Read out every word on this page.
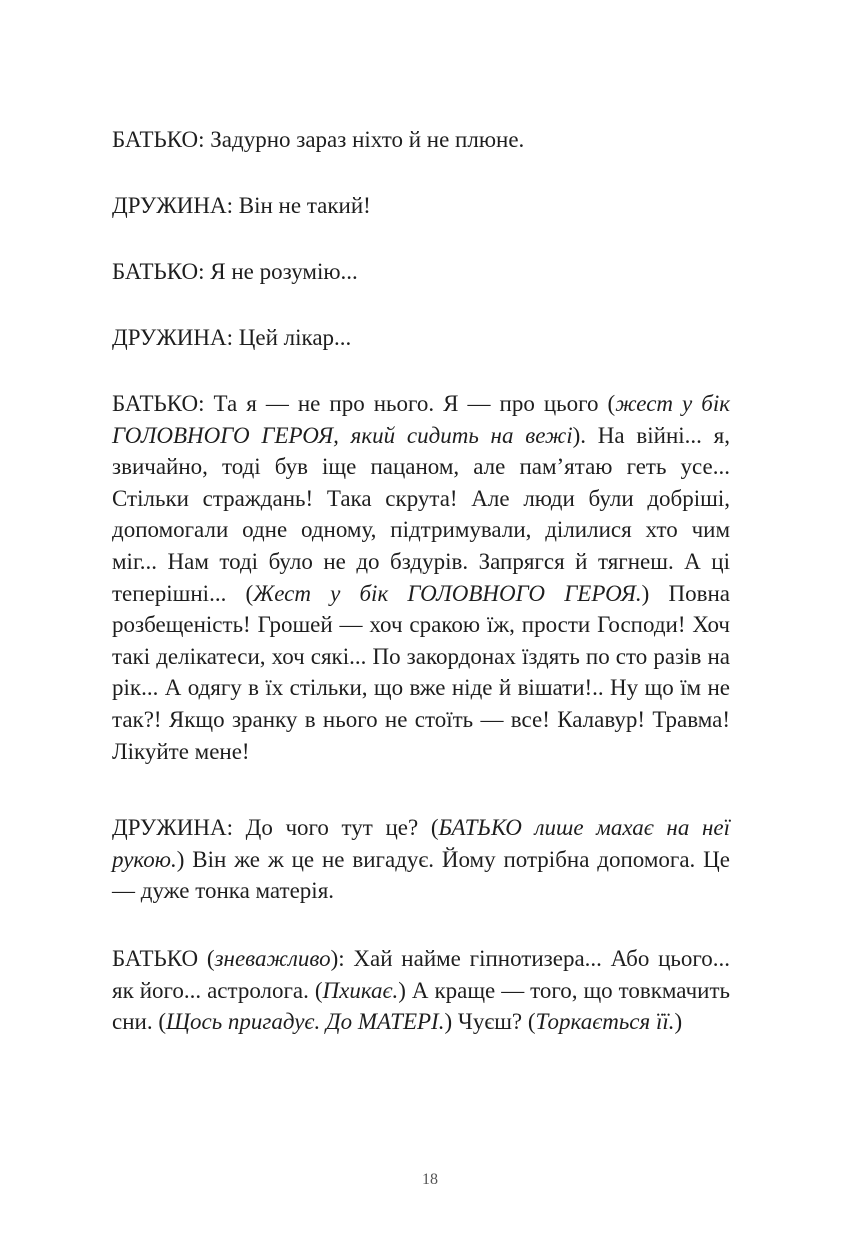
БАТЬКО: Задурно зараз ніхто й не плюне.

ДРУЖИНА: Він не такий!

БАТЬКО: Я не розумію...

ДРУЖИНА: Цей лікар...

БАТЬКО: Та я — не про нього. Я — про цього (жест у бік ГОЛОВНОГО ГЕРОЯ, який сидить на вежі). На війні... я, звичайно, тоді був іще пацаном, але пам’ятаю геть усе... Стільки страждань! Така скрута! Але люди були добріші, допомогали одне одному, підтримували, ділилися хто чим міг... Нам тоді було не до бздурів. Запрягся й тягнеш. А ці теперішні... (Жест у бік ГОЛОВНОГО ГЕРОЯ.) Повна розбещеність! Грошей — хоч сракою їж, прости Господи! Хоч такі делікатеси, хоч сякі... По закордонах їздять по сто разів на рік... А одягу в їх стільки, що вже ніде й вішати!.. Ну що їм не так?! Якщо зранку в нього не стоїть — все! Калавур! Травма! Лікуйте мене!

ДРУЖИНА: До чого тут це? (БАТЬКО лише махає на неї рукою.) Він же ж це не вигадує. Йому потрібна допомога. Це — дуже тонка матерія.

БАТЬКО (зневажливо): Хай найме гіпнотизера... Або цього... як його... астролога. (Пхикає.) А краще — того, що товкмачить сни. (Щось пригадує. До МАТЕРІ.) Чуєш? (Торкається її.)

18
